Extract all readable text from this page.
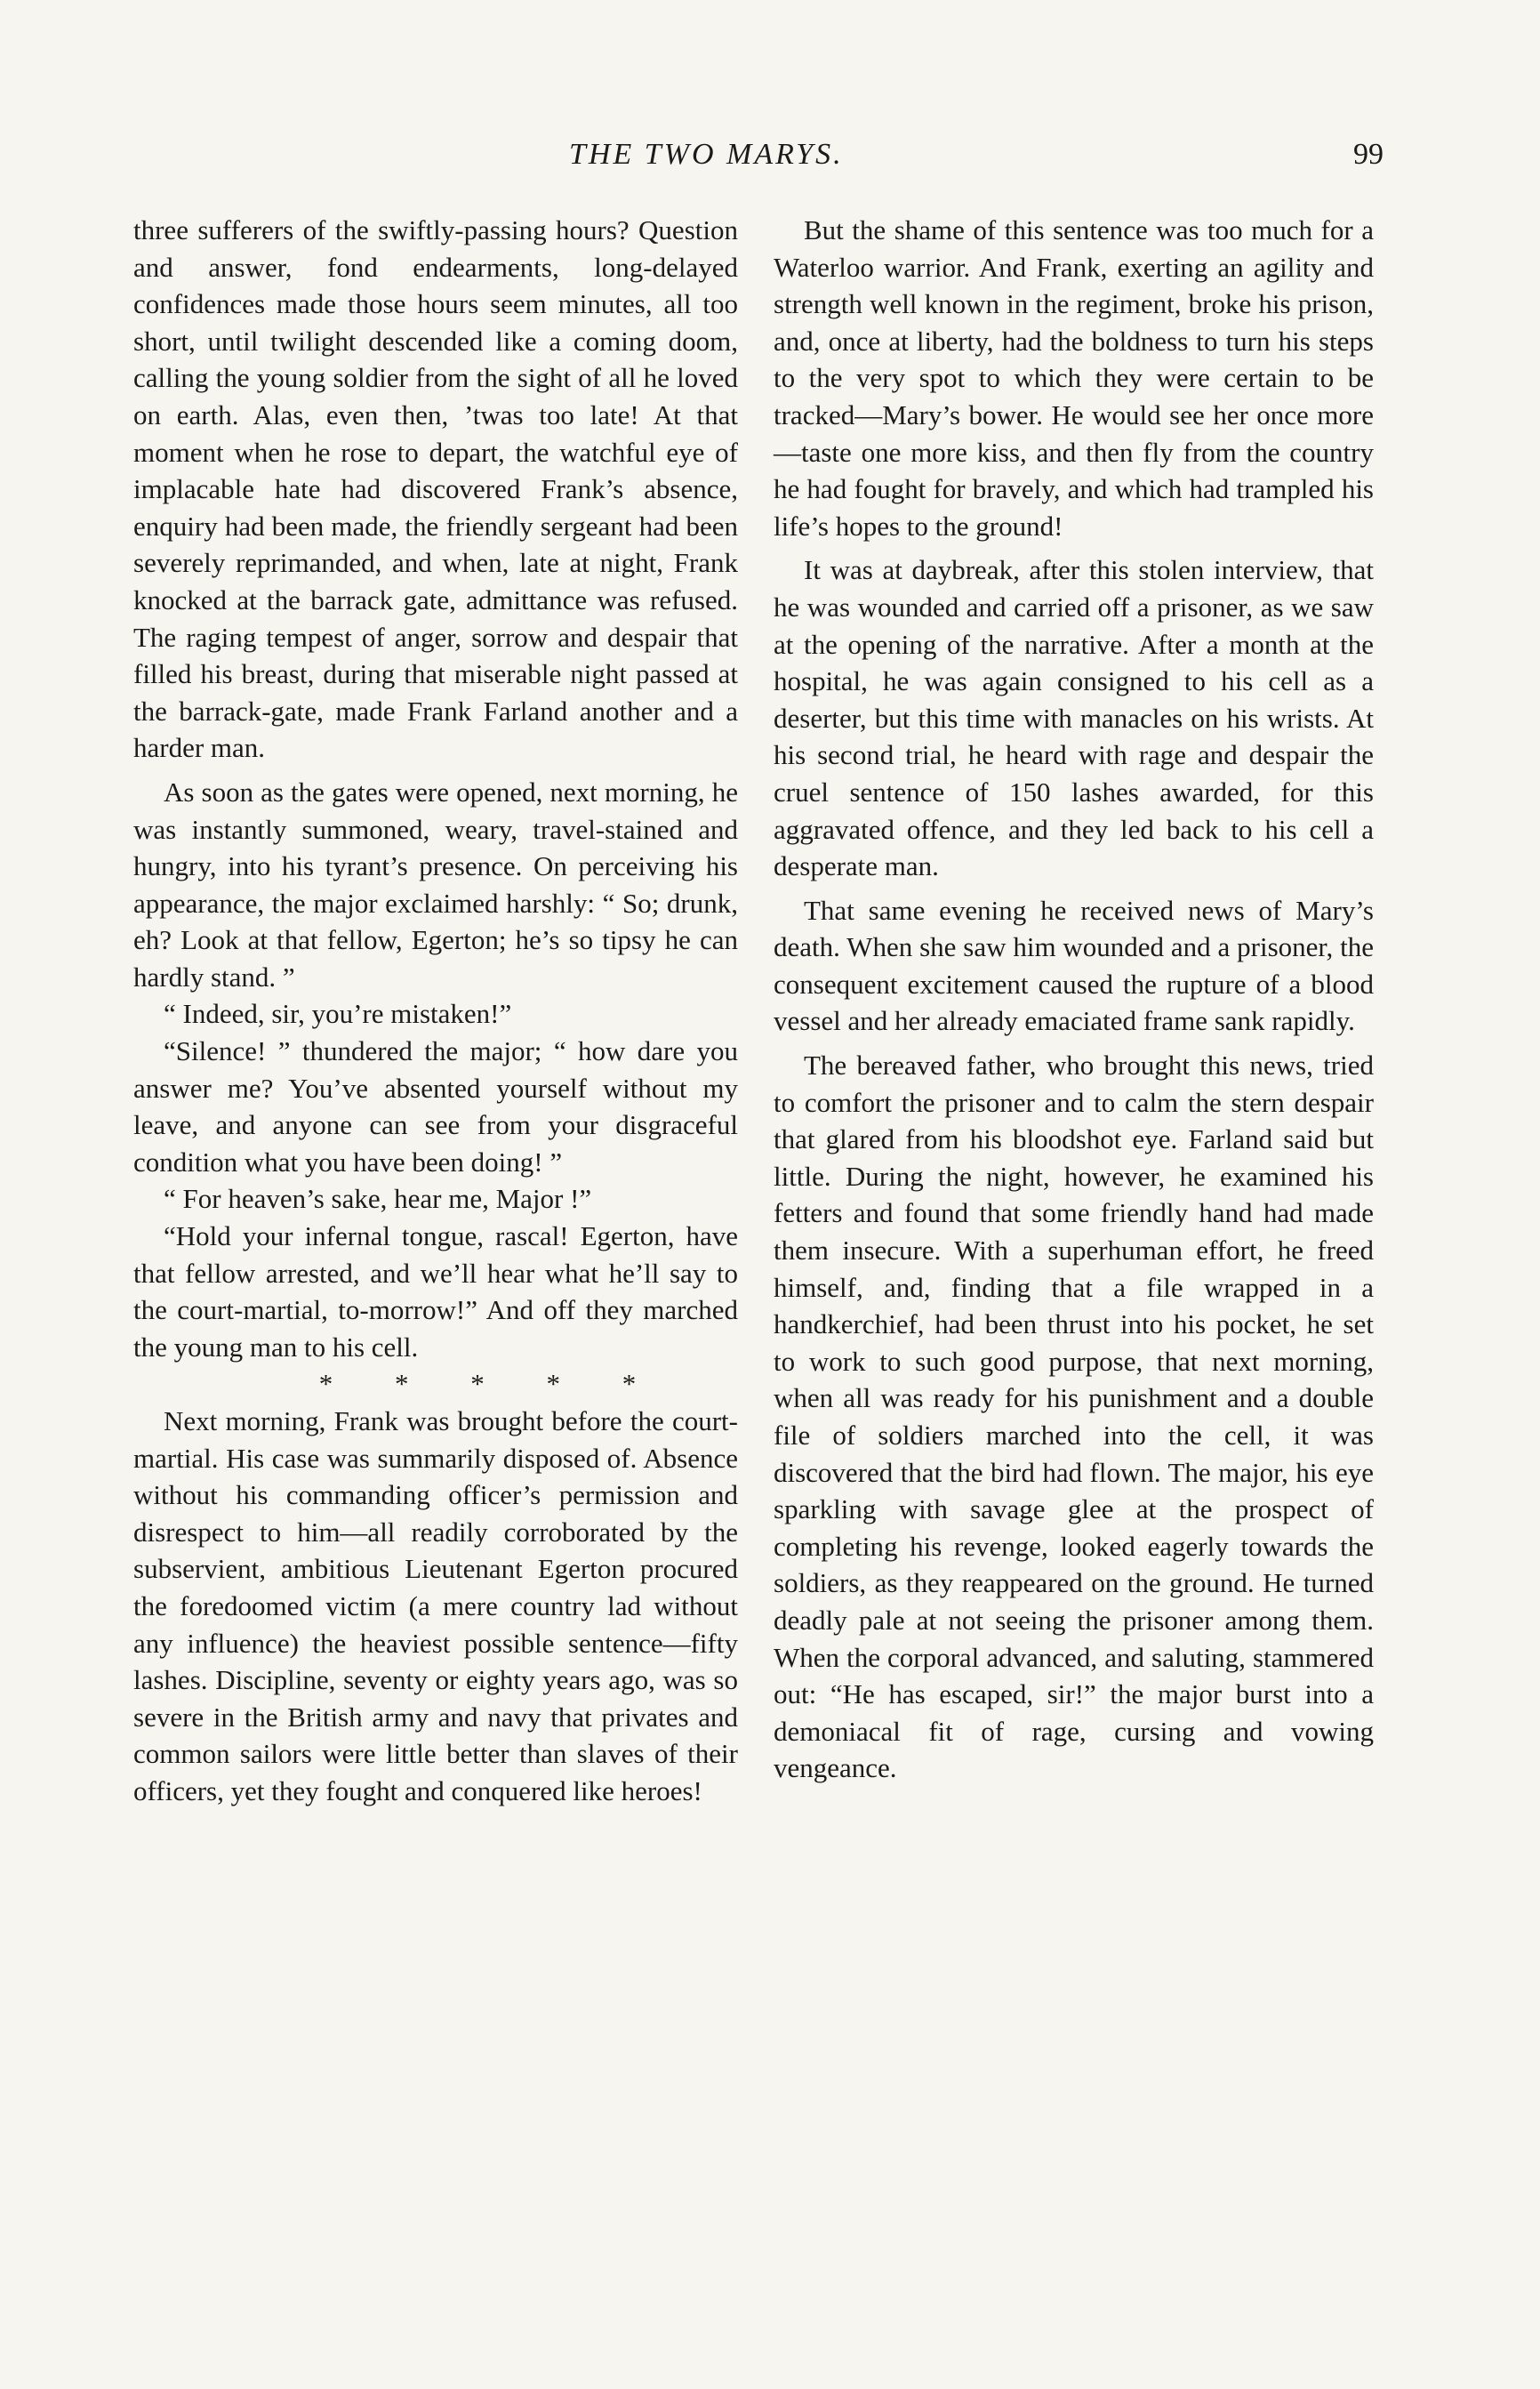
THE TWO MARYS.	99

three sufferers of the swiftly-passing hours? Question and answer, fond endearments, long-delayed confidences made those hours seem minutes, all too short, until twilight descended like a coming doom, calling the young soldier from the sight of all he loved on earth. Alas, even then, ’twas too late! At that moment when he rose to depart, the watchful eye of implacable hate had discovered Frank’s absence, enquiry had been made, the friendly sergeant had been severely reprimanded, and when, late at night, Frank knocked at the barrack gate, admittance was refused. The raging tempest of anger, sorrow and despair that filled his breast, during that miserable night passed at the barrack-gate, made Frank Farland another and a harder man.

As soon as the gates were opened, next morning, he was instantly summoned, weary, travel-stained and hungry, into his tyrant’s presence. On perceiving his appearance, the major exclaimed harshly: “ So; drunk, eh? Look at that fellow, Egerton; he’s so tipsy he can hardly stand. ”

“ Indeed, sir, you’re mistaken!”

“Silence! ” thundered the major; “ how dare you answer me? You’ve absented yourself without my leave, and anyone can see from your disgraceful condition what you have been doing! ”

“ For heaven’s sake, hear me, Major !”

“Hold your infernal tongue, rascal! Egerton, have that fellow arrested, and we’ll hear what he’ll say to the court-martial, to-morrow!” And off they marched the young man to his cell.

* * * * *

Next morning, Frank was brought before the court-martial. His case was summarily disposed of. Absence without his commanding officer’s permission and disrespect to him—all readily corroborated by the subservient, ambitious Lieutenant Egerton procured the foredoomed victim (a mere country lad without any influence) the heaviest possible sentence—fifty lashes. Discipline, seventy or eighty years ago, was so severe in the British army and navy that privates and common sailors were little better than slaves of their officers, yet they fought and conquered like heroes!

But the shame of this sentence was too much for a Waterloo warrior. And Frank, exerting an agility and strength well known in the regiment, broke his prison, and, once at liberty, had the boldness to turn his steps to the very spot to which they were certain to be tracked—Mary’s bower. He would see her once more—taste one more kiss, and then fly from the country he had fought for bravely, and which had trampled his life’s hopes to the ground!

It was at daybreak, after this stolen interview, that he was wounded and carried off a prisoner, as we saw at the opening of the narrative. After a month at the hospital, he was again consigned to his cell as a deserter, but this time with manacles on his wrists. At his second trial, he heard with rage and despair the cruel sentence of 150 lashes awarded, for this aggravated offence, and they led back to his cell a desperate man.

That same evening he received news of Mary’s death. When she saw him wounded and a prisoner, the consequent excitement caused the rupture of a blood vessel and her already emaciated frame sank rapidly.

The bereaved father, who brought this news, tried to comfort the prisoner and to calm the stern despair that glared from his bloodshot eye. Farland said but little. During the night, however, he examined his fetters and found that some friendly hand had made them insecure. With a superhuman effort, he freed himself, and, finding that a file wrapped in a handkerchief, had been thrust into his pocket, he set to work to such good purpose, that next morning, when all was ready for his punishment and a double file of soldiers marched into the cell, it was discovered that the bird had flown. The major, his eye sparkling with savage glee at the prospect of completing his revenge, looked eagerly towards the soldiers, as they reappeared on the ground. He turned deadly pale at not seeing the prisoner among them. When the corporal advanced, and saluting, stammered out: “He has escaped, sir!” the major burst into a demoniacal fit of rage, cursing and vowing vengeance.
